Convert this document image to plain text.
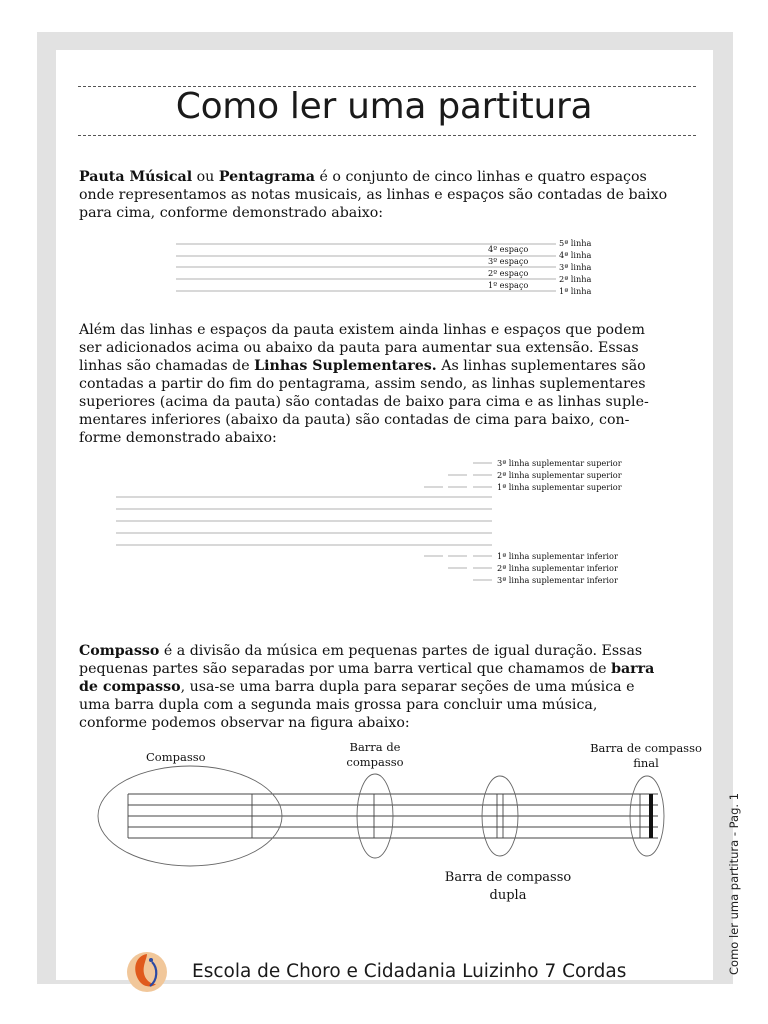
Como ler uma partitura

Pauta Músical ou Pentagrama é o conjunto de cinco linhas e quatro espaços onde representamos as notas musicais, as linhas e espaços são contadas de baixo para cima, conforme demonstrado abaixo:

4º espaço
3º espaço
2º espaço
1º espaço
5ª linha
4ª linha
3ª linha
2ª linha
1ª linha

Além das linhas e espaços da pauta existem ainda linhas e espaços que podem ser adicionados acima ou abaixo da pauta para aumentar sua extensão. Essas linhas são chamadas de Linhas Suplementares. As linhas suplementares são contadas a partir do fim do pentagrama, assim sendo, as linhas suplementares superiores (acima da pauta) são contadas de baixo para cima e as linhas suple-mentares inferiores (abaixo da pauta) são contadas de cima para baixo, con-forme demonstrado abaixo:

3ª linha suplementar superior
2ª linha suplementar superior
1ª linha suplementar superior
1ª linha suplementar inferior
2ª linha suplementar inferior
3ª linha suplementar inferior

Compasso é a divisão da música em pequenas partes de igual duração. Essas pequenas partes são separadas por uma barra vertical que chamamos de barra de compasso, usa-se uma barra dupla para separar seções de uma música e uma barra dupla com a segunda mais grossa para concluir uma música, conforme podemos observar na figura abaixo:

Compasso
Barra de
compasso
Barra de compasso
final
Barra de compasso
dupla
Escola de Choro e Cidadania Luizinho 7 Cordas	Como ler uma partitura - Pag. 1
